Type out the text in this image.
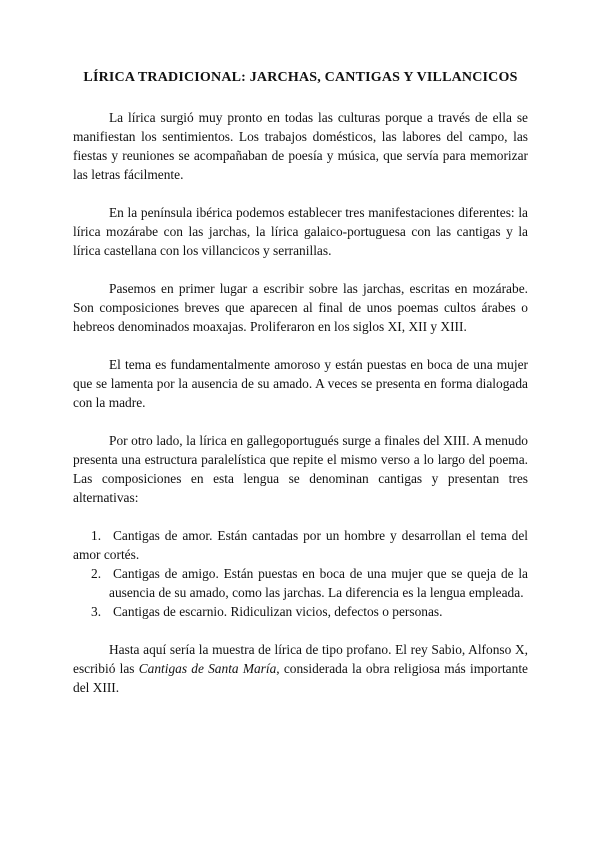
LÍRICA TRADICIONAL: JARCHAS, CANTIGAS Y VILLANCICOS

La lírica surgió muy pronto en todas las culturas porque a través de ella se manifiestan los sentimientos. Los trabajos domésticos, las labores del campo, las fiestas y reuniones se acompañaban de poesía y música, que servía para memorizar las letras fácilmente.

En la península ibérica podemos establecer tres manifestaciones diferentes: la lírica mozárabe con las jarchas, la lírica galaico-portuguesa con las cantigas y la lírica castellana con los villancicos y serranillas.

Pasemos en primer lugar a escribir sobre las jarchas, escritas en mozárabe. Son composiciones breves que aparecen al final de unos poemas cultos árabes o hebreos denominados moaxajas. Proliferaron en los siglos XI, XII y XIII.

El tema es fundamentalmente amoroso y están puestas en boca de una mujer que se lamenta por la ausencia de su amado. A veces se presenta en forma dialogada con la madre.

Por otro lado, la lírica en gallegoportugués surge a finales del XIII. A menudo presenta una estructura paralelística que repite el mismo verso a lo largo del poema. Las composiciones en esta lengua se denominan cantigas y presentan tres alternativas:

1. Cantigas de amor. Están cantadas por un hombre y desarrollan el tema del amor cortés.
2. Cantigas de amigo. Están puestas en boca de una mujer que se queja de la ausencia de su amado, como las jarchas. La diferencia es la lengua empleada.
3. Cantigas de escarnio. Ridiculizan vicios, defectos o personas.

Hasta aquí sería la muestra de lírica de tipo profano. El rey Sabio, Alfonso X, escribió las Cantigas de Santa María, considerada la obra religiosa más importante del XIII.
